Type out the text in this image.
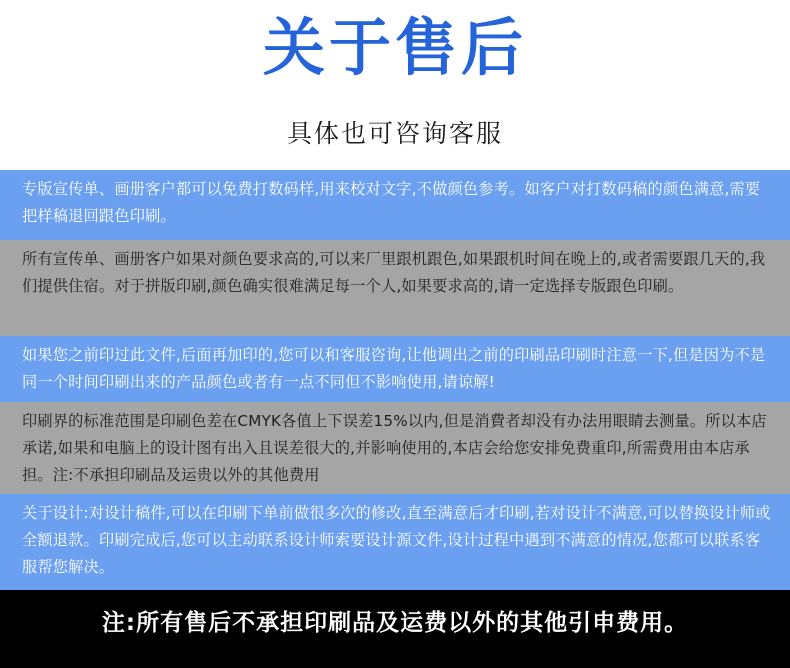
关于售后
具体也可咨询客服

专版宣传单、画册客户都可以免费打数码样,用来校对文字,不做颜色参考。如客户对打数码稿的颜色满意,需要把样稿退回跟色印刷。

所有宣传单、画册客户如果对颜色要求高的,可以来厂里跟机跟色,如果跟机时间在晚上的,或者需要跟几天的,我们提供住宿。对于拼版印刷,颜色确实很难满足每一个人,如果要求高的,请一定选择专版跟色印刷。

如果您之前印过此文件,后面再加印的,您可以和客服咨询,让他调出之前的印刷品印刷时注意一下,但是因为不是同一个时间印刷出来的产品颜色或者有一点不同但不影响使用,请谅解!

印刷界的标准范围是印刷色差在CMYK各值上下误差15%以内,但是消費者却没有办法用眼睛去测量。所以本店承诺,如果和电脑上的设计图有出入且误差很大的,并影响使用的,本店会给您安排免费重印,所需费用由本店承担。注:不承担印刷品及运贵以外的其他费用

关于设计:对设计稿件,可以在印刷下单前做很多次的修改,直至满意后才印刷,若对设计不满意,可以替换设计师或全额退款。印刷完成后,您可以主动联系设计师索要设计源文件,设计过程中遇到不满意的情况,您都可以联系客服帮您解决。

注:所有售后不承担印刷品及运费以外的其他引申费用。
